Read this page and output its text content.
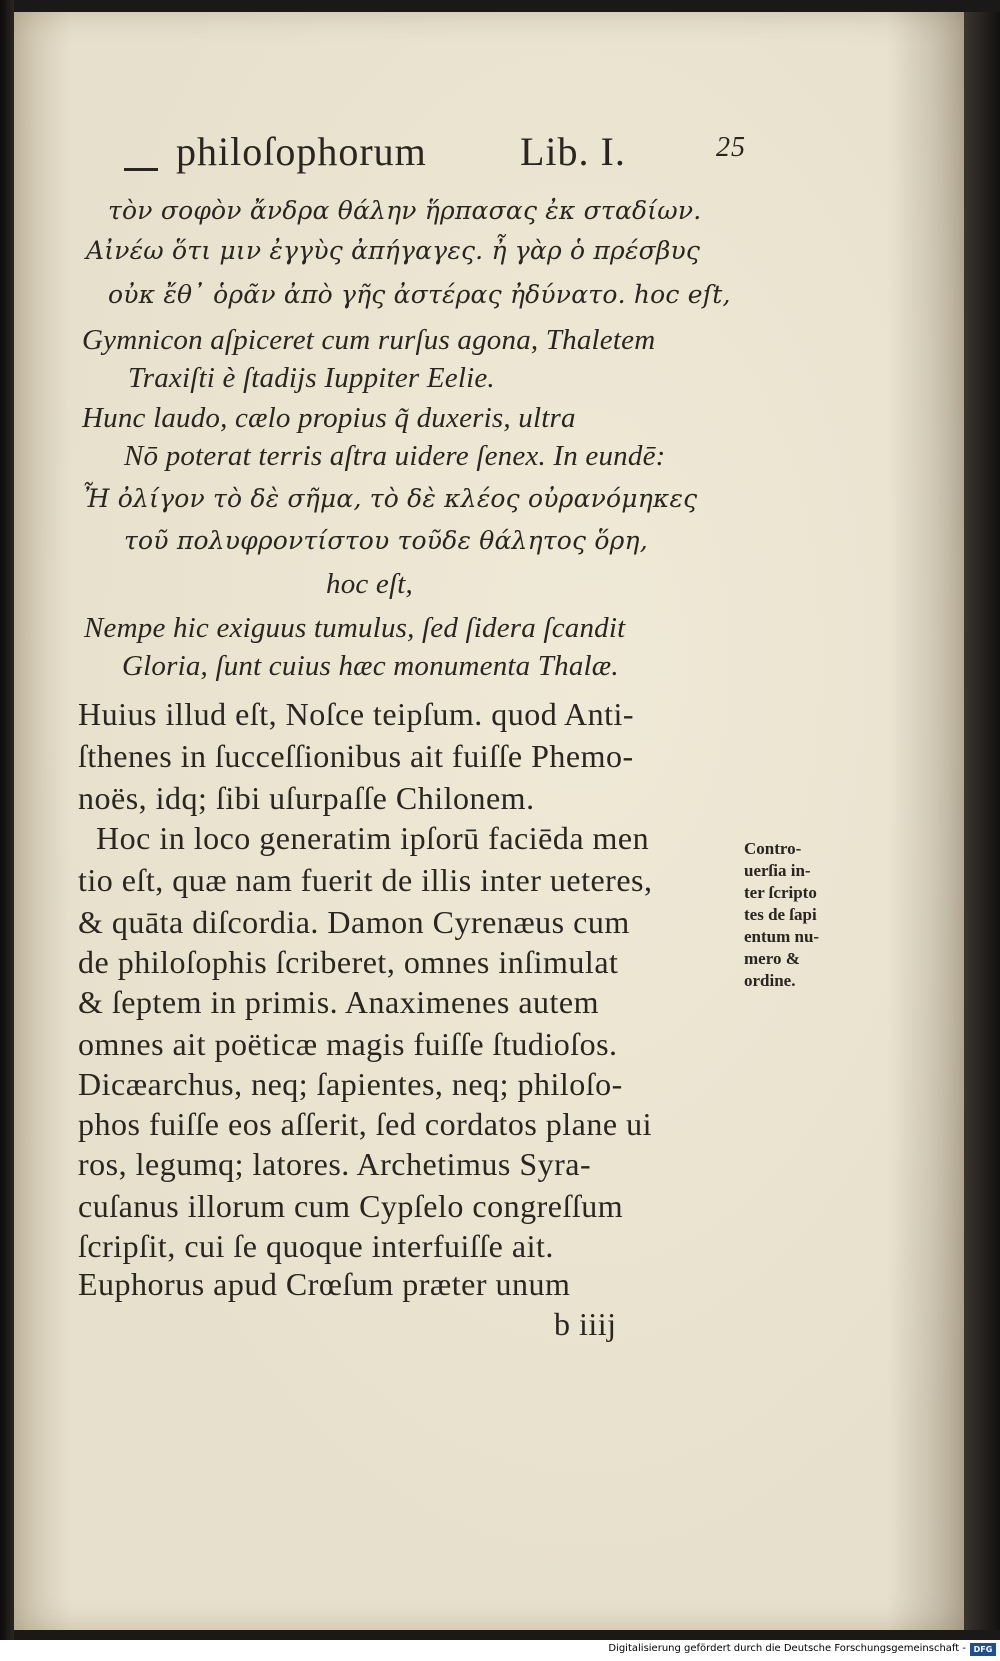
philoſophorum Lib. I.	25
τὸν σοφὸν ἄνδρα θάλην ἥρπασας ἐκ σταδίων.
Αἰνέω ὅτι μιν ἐγγὺς ἀπήγαγες. ἦ γὰρ ὁ πρέσβυς
οὐκ ἔθ᾽ ὁρᾶν ἀπὸ γῆς ἀστέρας ἠδύνατο. hoc eſt,
Gymnicon aſpiceret cum rurſus agona, Thaletem
Traxiſti è ſtadijs Iuppiter Eelie.
Hunc laudo, cælo propius q̃ duxeris, ultra
Nō poterat terris aſtra uidere ſenex. In eundē:
Ἦ ὀλίγον τὸ δὲ σῆμα, τὸ δὲ κλέος οὐρανόμηκες
τοῦ πολυφροντίστου τοῦδε θάλητος ὅρη,
hoc eſt,
Nempe hic exiguus tumulus, ſed ſidera ſcandit
Gloria, ſunt cuius hæc monumenta Thalæ.
Huius illud eſt, Noſce teipſum. quod Anti-
ſthenes in ſucceſſionibus ait fuiſſe Phemo-
noës, idq; ſibi uſurpaſſe Chilonem.
Hoc in loco generatim ipſorū faciēda men
tio eſt, quæ nam fuerit de illis inter ueteres,
& quāta diſcordia. Damon Cyrenæus cum
de philoſophis ſcriberet, omnes inſimulat
& ſeptem in primis. Anaximenes autem
omnes ait poëticæ magis fuiſſe ſtudioſos.
Dicæarchus, neq; ſapientes, neq; philoſo-
phos fuiſſe eos aſſerit, ſed cordatos plane ui
ros, legumq; latores. Archetimus Syra-
cuſanus illorum cum Cypſelo congreſſum
ſcripſit, cui ſe quoque interfuiſſe ait.
Euphorus apud Crœſum præter unum
b iiij
Contro-
uerſia in-
ter ſcripto
tes de ſapi
entum nu-
mero &
ordine.
Digitalisierung gefördert durch die Deutsche Forschungsgemeinschaft - DFG
